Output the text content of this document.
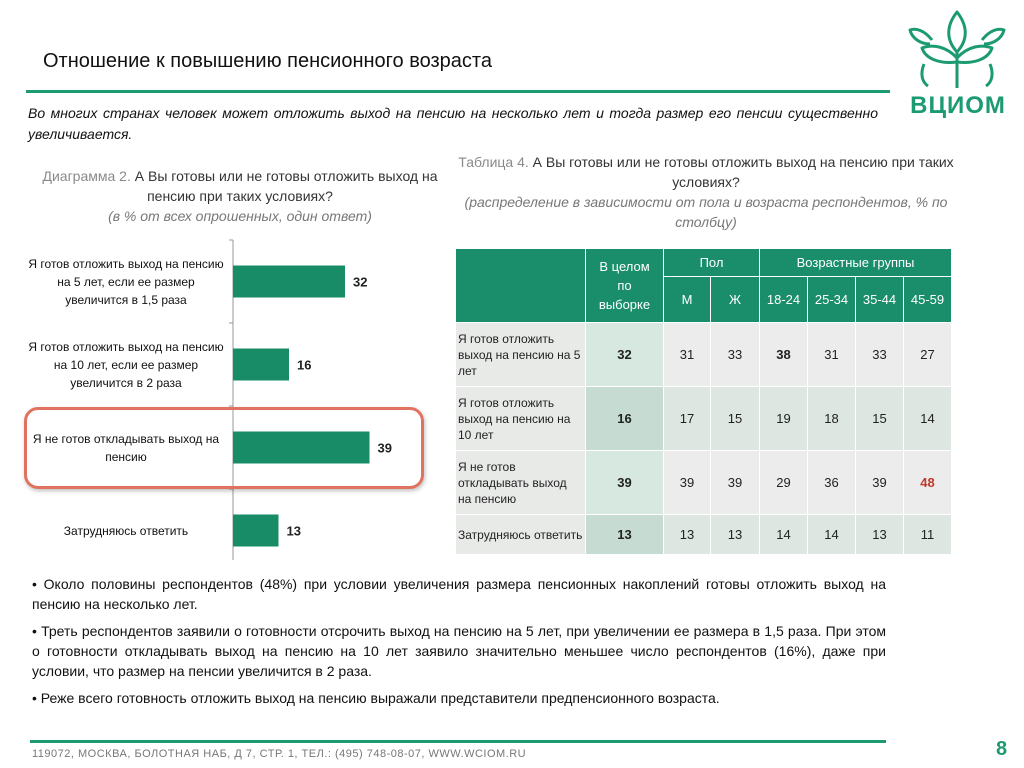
Отношение к повышению пенсионного возраста
ВЦИОМ
Во многих странах человек может отложить выход на пенсию на несколько лет и тогда размер его пенсии существенно увеличивается.
Диаграмма 2. А Вы готовы или не готовы отложить выход на пенсию при таких условиях?
(в % от всех опрошенных, один ответ)
Таблица 4. А Вы готовы или не готовы отложить выход на пенсию при таких условиях?
(распределение в зависимости от пола и возраста респондентов, % по столбцу)
32
16
39
13
Я готов отложить выход на пенсию на 5 лет, если ее размер увеличится в 1,5 раза
Я готов отложить выход на пенсию на 10 лет, если ее размер увеличится в 2 раза
Я не готов откладывать выход на пенсию
Затрудняюсь ответить
	В целом по выборке	Пол		Возрастные группы			
		М	Ж	18-24	25-34	35-44	45-59
Я готов отложить выход на пенсию на 5 лет	32	31	33	38	31	33	27
Я готов отложить выход на пенсию на 10 лет	16	17	15	19	18	15	14
Я не готов откладывать выход на пенсию	39	39	39	29	36	39	48
Затрудняюсь ответить	13	13	13	14	14	13	11

• Около половины респондентов (48%) при условии увеличения размера пенсионных накоплений готовы отложить выход на пенсию на несколько лет.

• Треть респондентов заявили о готовности отсрочить выход на пенсию на 5 лет, при увеличении ее размера в 1,5 раза. При этом о готовности откладывать выход на пенсию на 10 лет заявило значительно меньшее число респондентов (16%), даже при условии, что размер на пенсии увеличится в 2 раза.

• Реже всего готовность отложить выход на пенсию выражали представители предпенсионного возраста.

119072, МОСКВА, БОЛОТНАЯ НАБ, Д 7, СТР. 1, ТЕЛ.: (495) 748-08-07, WWW.WCIOM.RU	8
